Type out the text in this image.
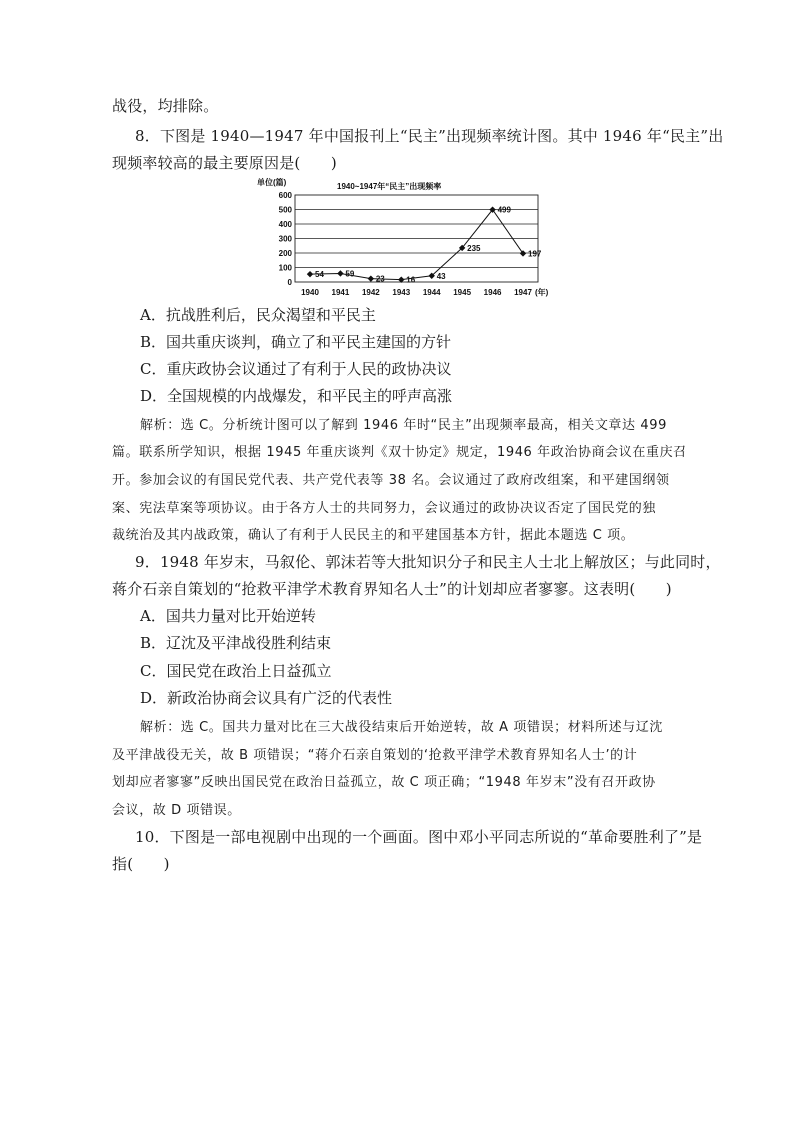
战役，均排除。
8．下图是 1940—1947 年中国报刊上“民主”出现频率统计图。其中 1946 年“民主”出
现频率较高的最主要原因是(　　)
单位(篇)	1940~1947年“民主”出现频率
0
100
200
300
400
500
600
1940 1941 1942 1943 1944 1945 1946 1947
54	59
23	16	43
235
499
197
(年)
A．抗战胜利后，民众渴望和平民主
B．国共重庆谈判，确立了和平民主建国的方针
C．重庆政协会议通过了有利于人民的政协决议
D．全国规模的内战爆发，和平民主的呼声高涨
解析：选 C。分析统计图可以了解到 1946 年时“民主”出现频率最高，相关文章达 499
篇。联系所学知识，根据 1945 年重庆谈判《双十协定》规定，1946 年政治协商会议在重庆召
开。参加会议的有国民党代表、共产党代表等 38 名。会议通过了政府改组案，和平建国纲领
案、宪法草案等项协议。由于各方人士的共同努力，会议通过的政协决议否定了国民党的独
裁统治及其内战政策，确认了有利于人民民主的和平建国基本方针，据此本题选 C 项。
9．1948 年岁末，马叙伦、郭沫若等大批知识分子和民主人士北上解放区；与此同时，
蒋介石亲自策划的“抢救平津学术教育界知名人士”的计划却应者寥寥。这表明(　　)
A．国共力量对比开始逆转
B．辽沈及平津战役胜利结束
C．国民党在政治上日益孤立
D．新政治协商会议具有广泛的代表性
解析：选 C。国共力量对比在三大战役结束后开始逆转，故 A 项错误；材料所述与辽沈
及平津战役无关，故 B 项错误；“蒋介石亲自策划的‘抢救平津学术教育界知名人士’的计
划却应者寥寥”反映出国民党在政治日益孤立，故 C 项正确；“1948 年岁末”没有召开政协
会议，故 D 项错误。
10．下图是一部电视剧中出现的一个画面。图中邓小平同志所说的“革命要胜利了”是
指(　　)
